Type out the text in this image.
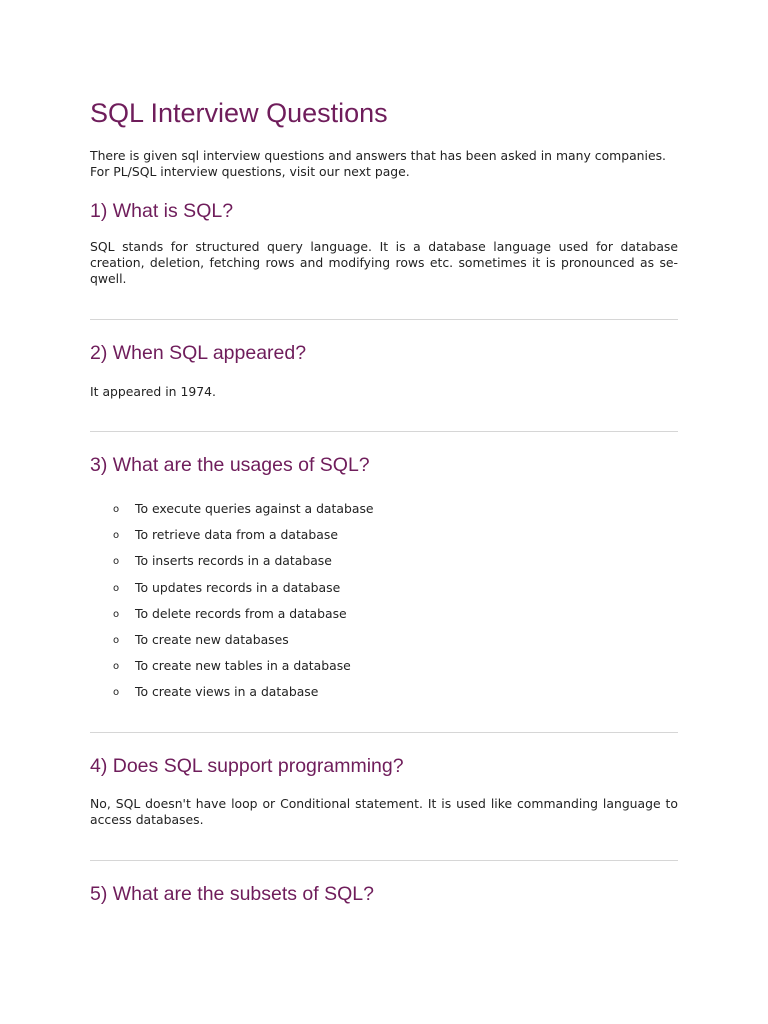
SQL Interview Questions

There is given sql interview questions and answers that has been asked in many companies. For PL/SQL interview questions, visit our next page.

1) What is SQL?

SQL stands for structured query language. It is a database language used for database creation, deletion, fetching rows and modifying rows etc. sometimes it is pronounced as se-qwell.

2) When SQL appeared?

It appeared in 1974.

3) What are the usages of SQL?
o To execute queries against a database
o To retrieve data from a database
o To inserts records in a database
o To updates records in a database
o To delete records from a database
o To create new databases
o To create new tables in a database
o To create views in a database
4) Does SQL support programming?

No, SQL doesn't have loop or Conditional statement. It is used like commanding language to access databases.

5) What are the subsets of SQL?
